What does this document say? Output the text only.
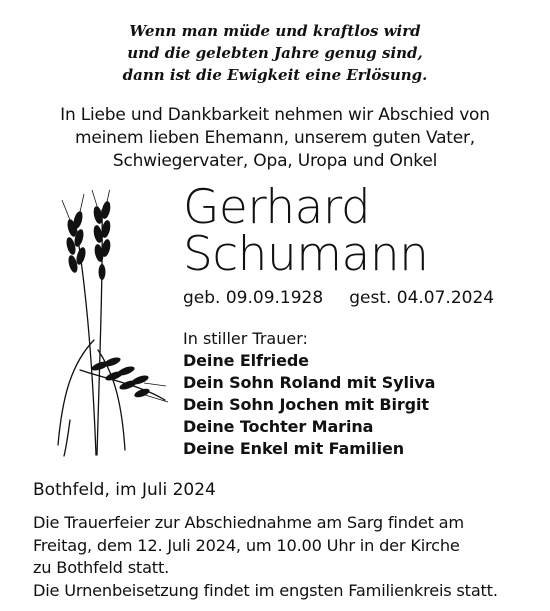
Wenn man müde und kraftlos wird
und die gelebten Jahre genug sind,
dann ist die Ewigkeit eine Erlösung.
In Liebe und Dankbarkeit nehmen wir Abschied von
meinem lieben Ehemann, unserem guten Vater,
Schwiegervater, Opa, Uropa und Onkel
Gerhard
Schumann
geb. 09.09.1928 gest. 04.07.2024
In stiller Trauer:
Deine Elfriede
Dein Sohn Roland mit Syliva
Dein Sohn Jochen mit Birgit
Deine Tochter Marina
Deine Enkel mit Familien
Bothfeld, im Juli 2024
Die Trauerfeier zur Abschiednahme am Sarg findet am
Freitag, dem 12. Juli 2024, um 10.00 Uhr in der Kirche
zu Bothfeld statt.
Die Urnenbeisetzung findet im engsten Familienkreis statt.
